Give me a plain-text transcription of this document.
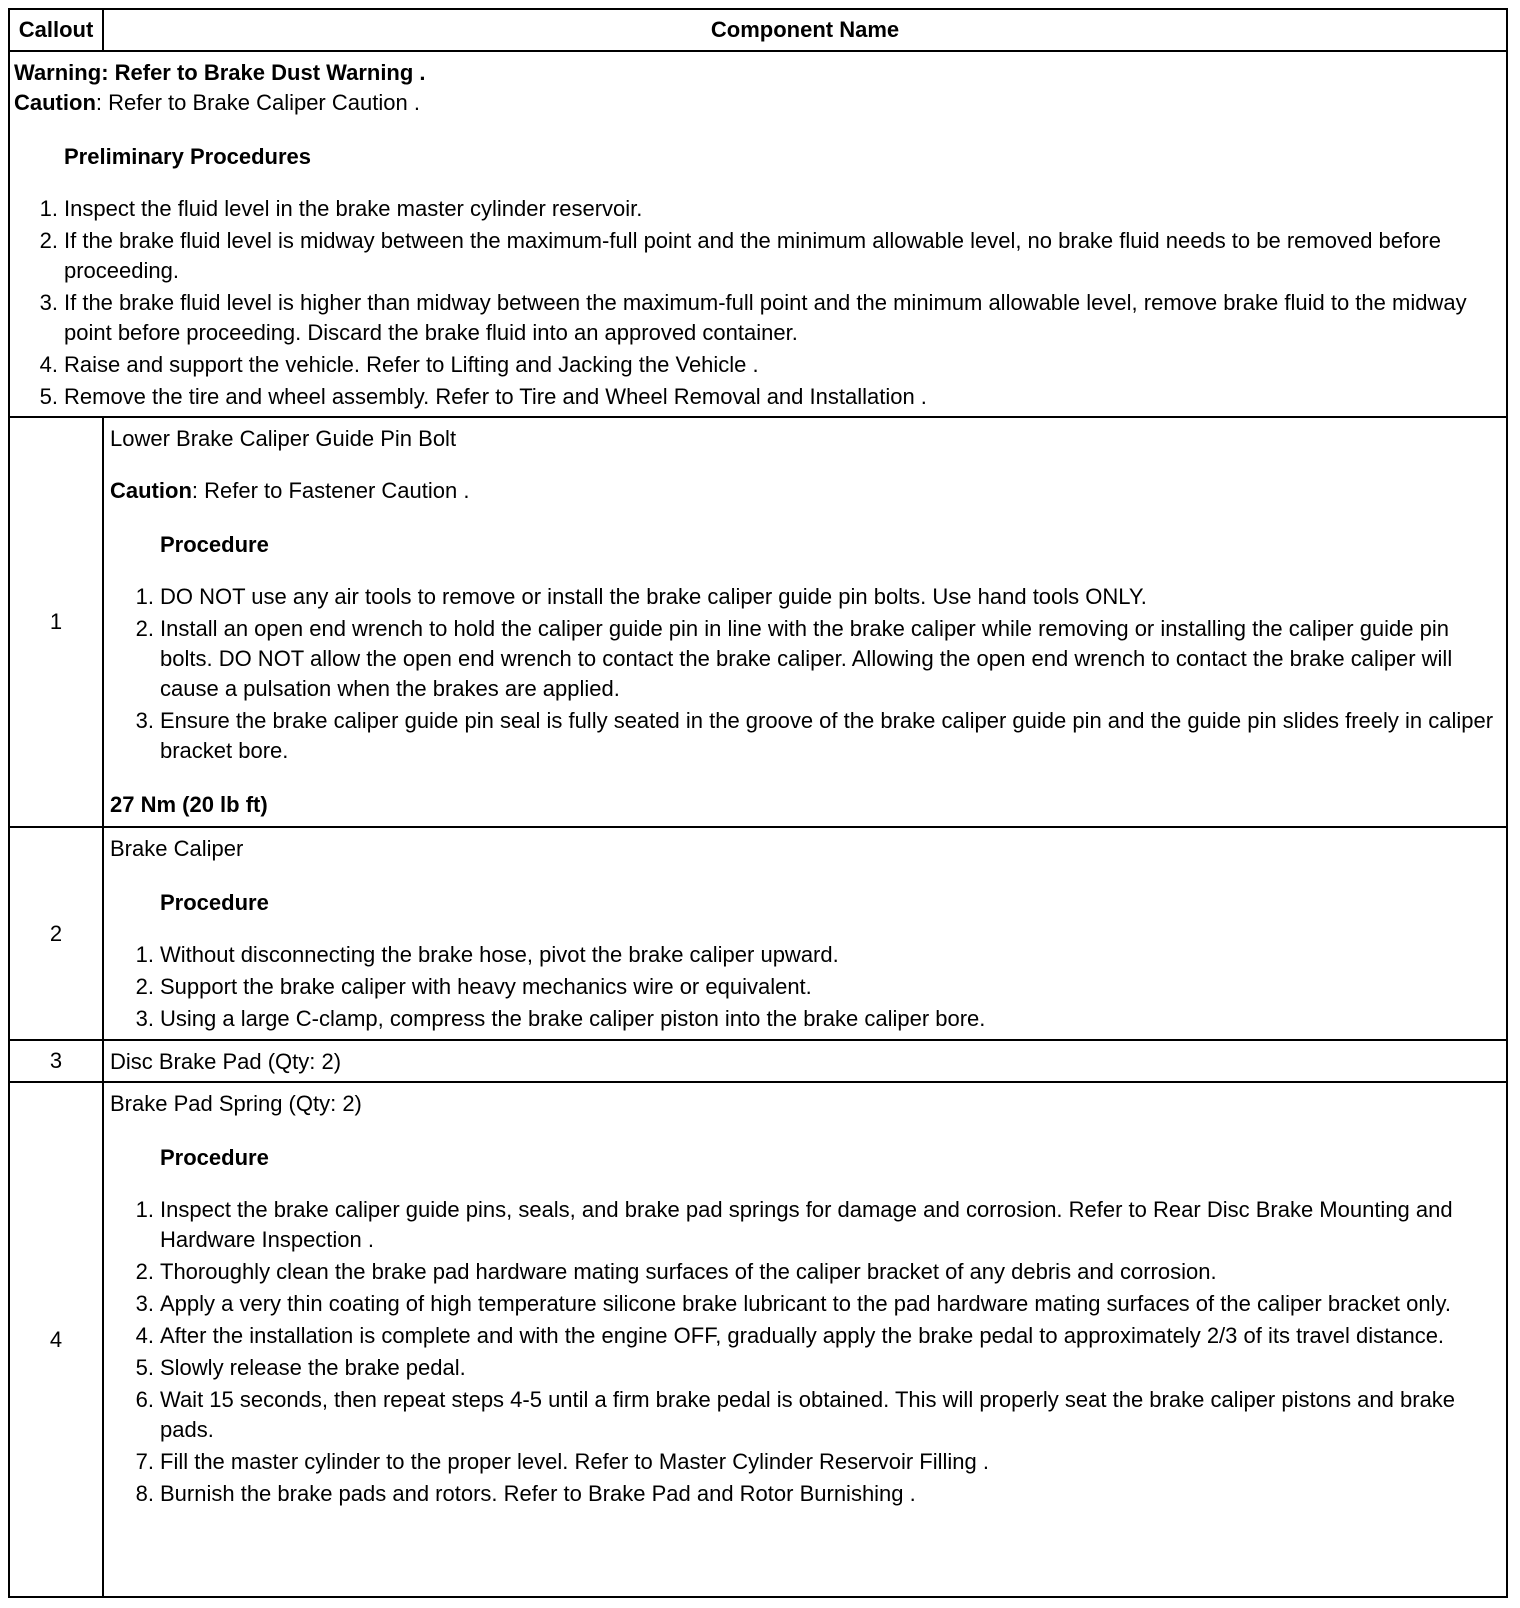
Callout	Component Name

Warning: Refer to Brake Dust Warning .

Caution: Refer to Brake Caliper Caution .

Preliminary Procedures

1. Inspect the fluid level in the brake master cylinder reservoir.
2. If the brake fluid level is midway between the maximum-full point and the minimum allowable level, no brake fluid needs to be removed before proceeding.
3. If the brake fluid level is higher than midway between the maximum-full point and the minimum allowable level, remove brake fluid to the midway point before proceeding. Discard the brake fluid into an approved container.
4. Raise and support the vehicle. Refer to Lifting and Jacking the Vehicle .
5. Remove the tire and wheel assembly. Refer to Tire and Wheel Removal and Installation .
1

Lower Brake Caliper Guide Pin Bolt

Caution: Refer to Fastener Caution .

Procedure

1. DO NOT use any air tools to remove or install the brake caliper guide pin bolts. Use hand tools ONLY.
2. Install an open end wrench to hold the caliper guide pin in line with the brake caliper while removing or installing the caliper guide pin bolts. DO NOT allow the open end wrench to contact the brake caliper. Allowing the open end wrench to contact the brake caliper will cause a pulsation when the brakes are applied.
3. Ensure the brake caliper guide pin seal is fully seated in the groove of the brake caliper guide pin and the guide pin slides freely in caliper bracket bore.

27 Nm (20 lb ft)

2

Brake Caliper

Procedure

1. Without disconnecting the brake hose, pivot the brake caliper upward.
2. Support the brake caliper with heavy mechanics wire or equivalent.
3. Using a large C-clamp, compress the brake caliper piston into the brake caliper bore.
3	Disc Brake Pad (Qty: 2)

4

Brake Pad Spring (Qty: 2)

Procedure

1. Inspect the brake caliper guide pins, seals, and brake pad springs for damage and corrosion. Refer to Rear Disc Brake Mounting and Hardware Inspection .
2. Thoroughly clean the brake pad hardware mating surfaces of the caliper bracket of any debris and corrosion.
3. Apply a very thin coating of high temperature silicone brake lubricant to the pad hardware mating surfaces of the caliper bracket only.
4. After the installation is complete and with the engine OFF, gradually apply the brake pedal to approximately 2/3 of its travel distance.
5. Slowly release the brake pedal.
6. Wait 15 seconds, then repeat steps 4-5 until a firm brake pedal is obtained. This will properly seat the brake caliper pistons and brake pads.
7. Fill the master cylinder to the proper level. Refer to Master Cylinder Reservoir Filling .
8. Burnish the brake pads and rotors. Refer to Brake Pad and Rotor Burnishing .
